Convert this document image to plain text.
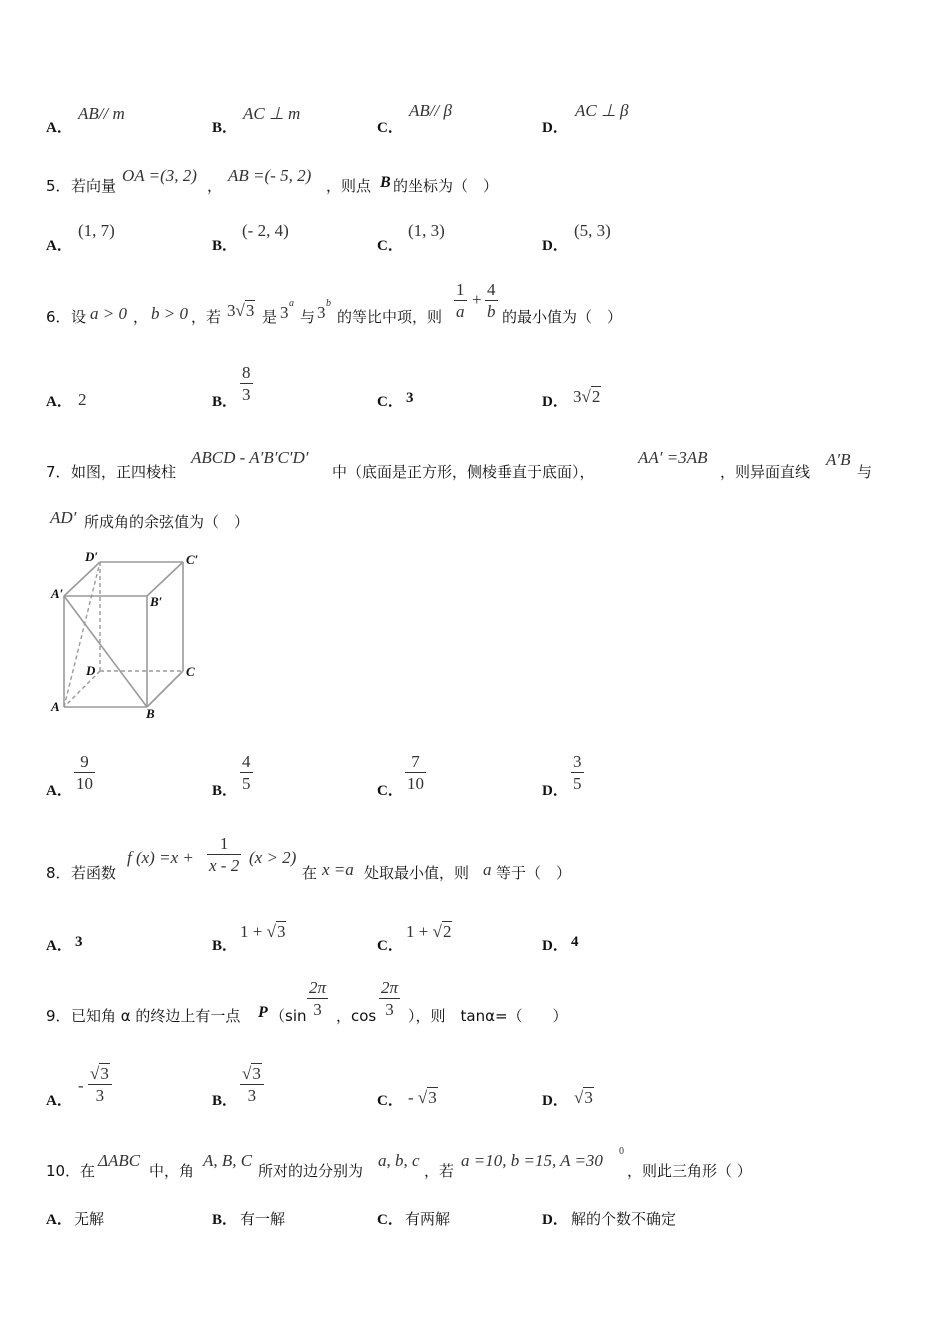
A．
AB// m
B．
AC ⊥ m
C．
AB// β
D．
AC ⊥ β
5． 若向量
OA =(3, 2)
，
AB =(- 5, 2)
，则点 B 的坐标为（　）
A．
(1, 7)
B．
(- 2, 4)
C．
(1, 3)
D．
(5, 3)
6． 设 a > 0 ， b > 0 ，若 3√3 是 3 a
与 3 b
的等比中项，则
1
a
+
4
b 的最小值为（　）
A． 2	B．
8
3	C． 3	D． 3√2
7． 如图，正四棱柱
ABCD - A′B′C′D′
中（底面是正方形，侧棱垂直于底面），
AA′ =3AB
，则异面直线
A′B
与
AD′ 所成角的余弦值为（　）
D′	C′
A′
B′
D	C
A	B
A．
9
10	B．
4
5	C．
7
10	D．
3
5
8． 若函数
f (x) =x +
1
x - 2 (x > 2)
在 x =a 处取最小值，则 a 等于（　）
A． 3	B．
1 + √3
C．
1 + √2
D． 4
9． 已知角 α 的终边上有一点 P （sin
2π
3 ，cos
2π
3 ），则　tanα=（　　）
A．
-
√3
3	B．
√3
3	C． - √3	D． √3
10． 在
ΔABC
中，角
A, B, C
所对的边分别为
a, b, c
，若
a =10, b =15, A =30 0
，则此三角形（ ）
A． 无解	B． 有一解	C． 有两解	D． 解的个数不确定
